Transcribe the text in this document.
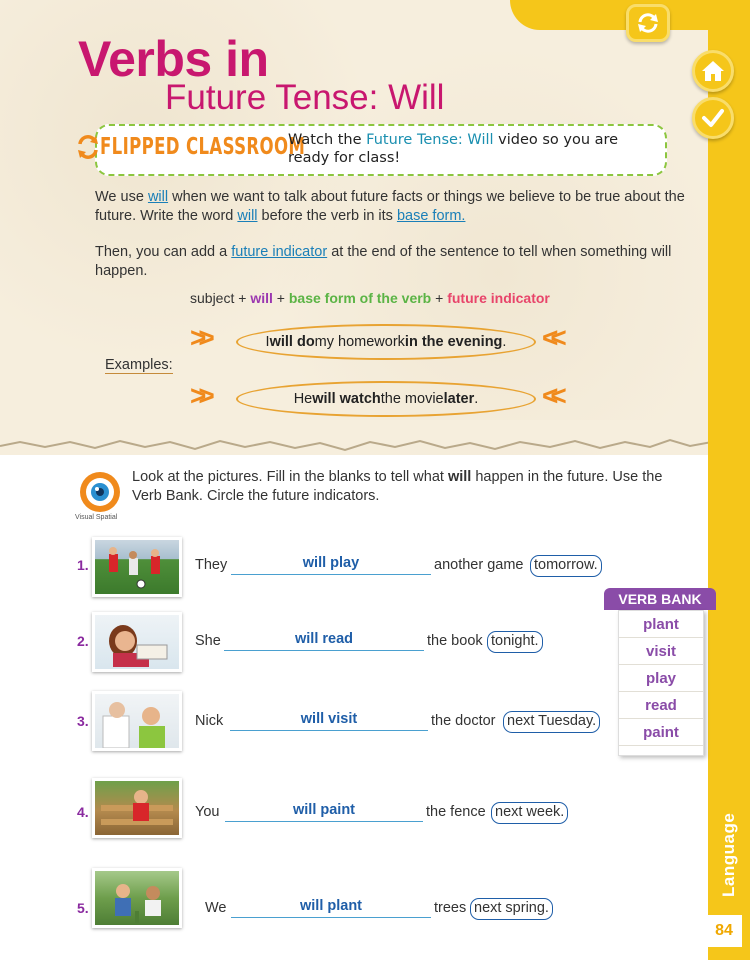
Language
84
Verbs in
Future Tense: Will
FLIPPED CLASSROOM
Watch the Future Tense: Will video so you are ready for class!
We use will when we want to talk about future facts or things we believe to be true about the future. Write the word will before the verb in its base form.
Then, you can add a future indicator at the end of the sentence to tell when something will happen.
subject + will + base form of the verb + future indicator
Examples:
>>	I will do my homework in the evening . <<
>>	He will watch the movie later . <<
Visual Spatial
Look at the pictures. Fill in the blanks to tell what will happen in the future. Use the Verb Bank. Circle the future indicators.
1.	They	will play	another game tomorrow.
2.	She	will read	the book tonight.
3.	Nick	will visit	the doctor next Tuesday.
4.	You	will paint	the fence next week.
5.	We	will plant	trees next spring.
VERB BANK
plant
visit
play
read
paint
